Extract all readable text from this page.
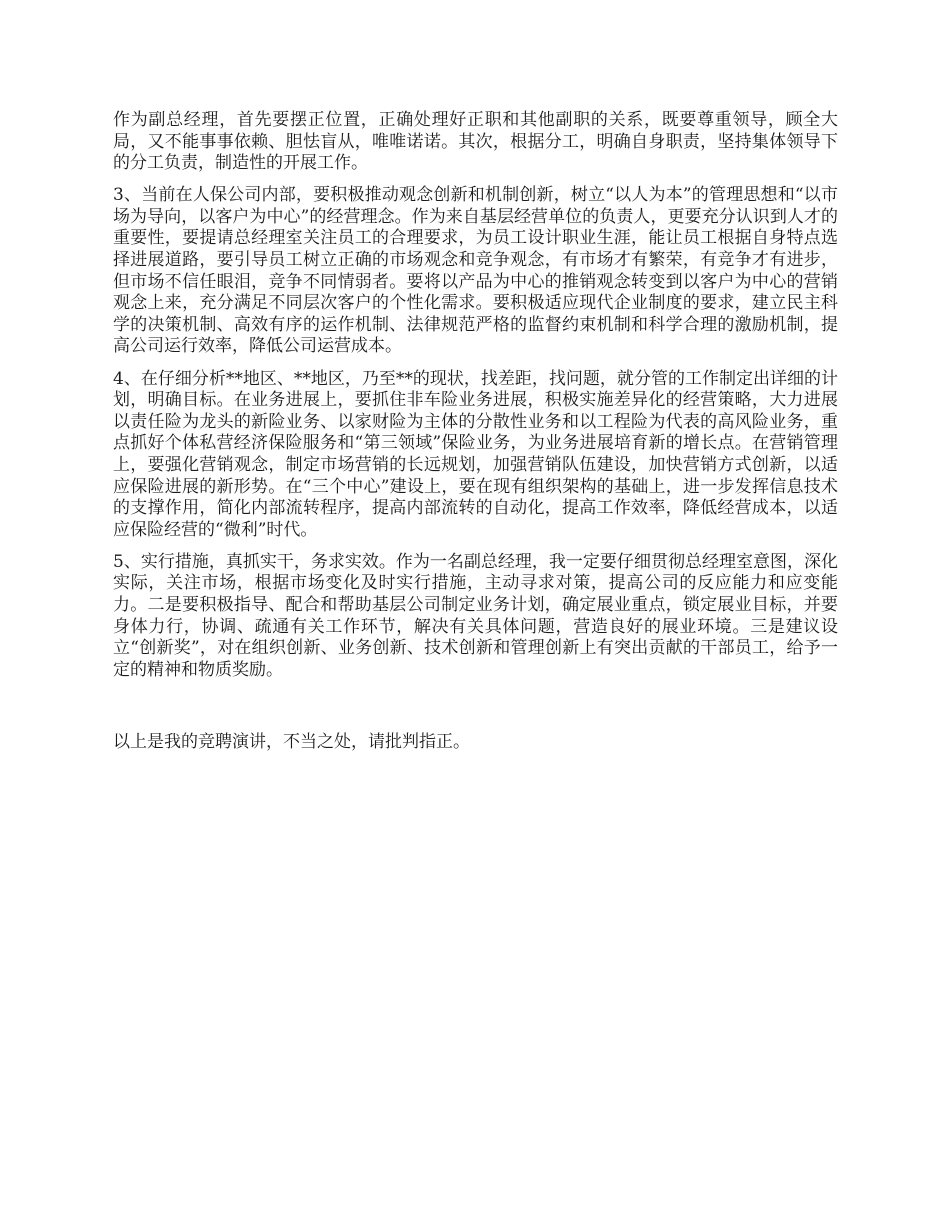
作为副总经理，首先要摆正位置，正确处理好正职和其他副职的关系，既要尊重领导，顾全大局，又不能事事依赖、胆怯盲从，唯唯诺诺。其次，根据分工，明确自身职责，坚持集体领导下的分工负责，制造性的开展工作。

3、当前在人保公司内部，要积极推动观念创新和机制创新，树立“以人为本”的管理思想和“以市场为导向，以客户为中心”的经营理念。作为来自基层经营单位的负责人，更要充分认识到人才的重要性，要提请总经理室关注员工的合理要求，为员工设计职业生涯，能让员工根据自身特点选择进展道路，要引导员工树立正确的市场观念和竞争观念，有市场才有繁荣，有竞争才有进步，但市场不信任眼泪，竞争不同情弱者。要将以产品为中心的推销观念转变到以客户为中心的营销观念上来，充分满足不同层次客户的个性化需求。要积极适应现代企业制度的要求，建立民主科学的决策机制、高效有序的运作机制、法律规范严格的监督约束机制和科学合理的激励机制，提高公司运行效率，降低公司运营成本。

4、在仔细分析**地区、**地区，乃至**的现状，找差距，找问题，就分管的工作制定出详细的计划，明确目标。在业务进展上，要抓住非车险业务进展，积极实施差异化的经营策略，大力进展以责任险为龙头的新险业务、以家财险为主体的分散性业务和以工程险为代表的高风险业务，重点抓好个体私营经济保险服务和“第三领域”保险业务，为业务进展培育新的增长点。在营销管理上，要强化营销观念，制定市场营销的长远规划，加强营销队伍建设，加快营销方式创新，以适应保险进展的新形势。在“三个中心”建设上，要在现有组织架构的基础上，进一步发挥信息技术的支撑作用，简化内部流转程序，提高内部流转的自动化，提高工作效率，降低经营成本，以适应保险经营的“微利”时代。

5、实行措施，真抓实干，务求实效。作为一名副总经理，我一定要仔细贯彻总经理室意图，深化实际，关注市场，根据市场变化及时实行措施，主动寻求对策，提高公司的反应能力和应变能力。二是要积极指导、配合和帮助基层公司制定业务计划，确定展业重点，锁定展业目标，并要身体力行，协调、疏通有关工作环节，解决有关具体问题，营造良好的展业环境。三是建议设立“创新奖”，对在组织创新、业务创新、技术创新和管理创新上有突出贡献的干部员工，给予一定的精神和物质奖励。

以上是我的竞聘演讲，不当之处，请批判指正。
